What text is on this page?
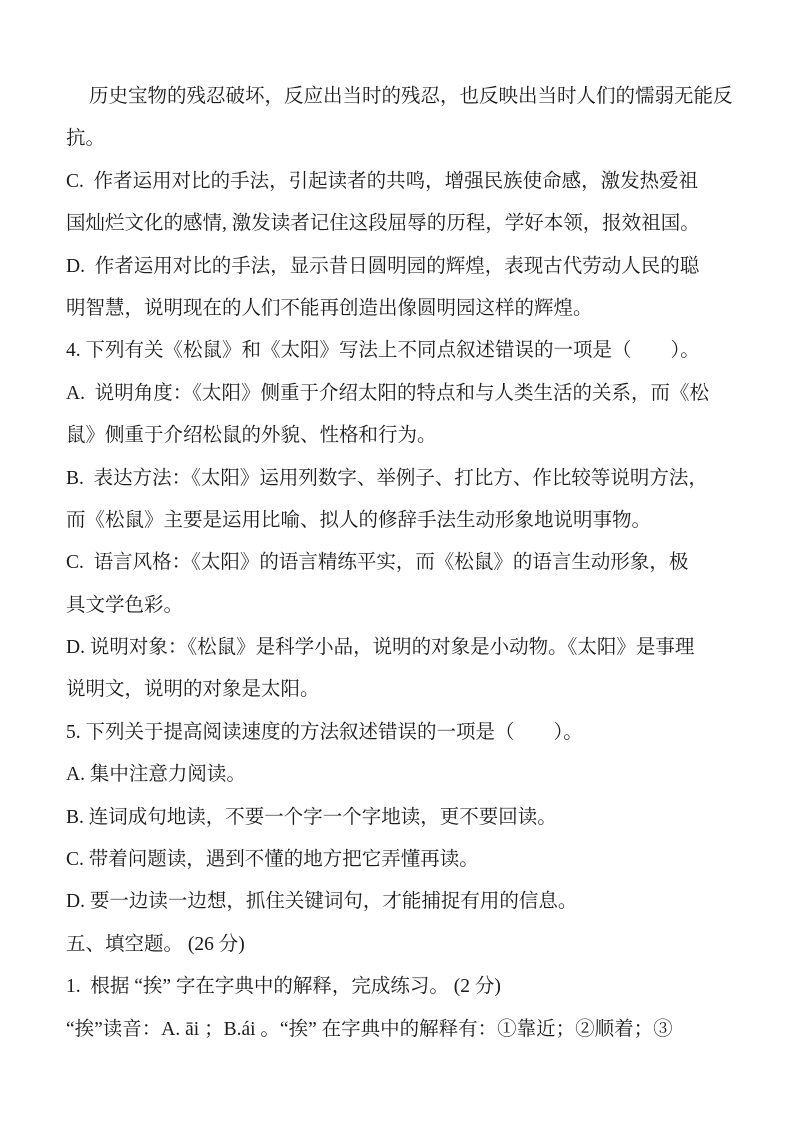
历史宝物的残忍破坏，反应出当时的残忍，也反映出当时人们的懦弱无能反
抗。
C.  作者运用对比的手法，引起读者的共鸣，增强民族使命感，激发热爱祖
国灿烂文化的感情, 激发读者记住这段屈辱的历程，学好本领，报效祖国。
D.  作者运用对比的手法，显示昔日圆明园的辉煌，表现古代劳动人民的聪
明智慧，说明现在的人们不能再创造出像圆明园这样的辉煌。
4. 下列有关《松鼠》和《太阳》写法上不同点叙述错误的一项是（　　）。
A.  说明角度：《太阳》侧重于介绍太阳的特点和与人类生活的关系，而《松
鼠》侧重于介绍松鼠的外貌、性格和行为。
B.  表达方法：《太阳》运用列数字、举例子、打比方、作比较等说明方法，
而《松鼠》主要是运用比喻、拟人的修辞手法生动形象地说明事物。
C.  语言风格：《太阳》的语言精练平实，而《松鼠》的语言生动形象，极
具文学色彩。
D. 说明对象：《松鼠》是科学小品，说明的对象是小动物。《太阳》是事理
说明文，说明的对象是太阳。
5. 下列关于提高阅读速度的方法叙述错误的一项是（　　）。
A. 集中注意力阅读。
B. 连词成句地读，不要一个字一个字地读，更不要回读。
C. 带着问题读，遇到不懂的地方把它弄懂再读。
D. 要一边读一边想，抓住关键词句，才能捕捉有用的信息。
五、填空题。 (26 分)
1.  根据 “挨” 字在字典中的解释，完成练习。 (2 分)
“挨”读音：A. āi ；B.ái 。“挨” 在字典中的解释有：①靠近；②顺着；③
